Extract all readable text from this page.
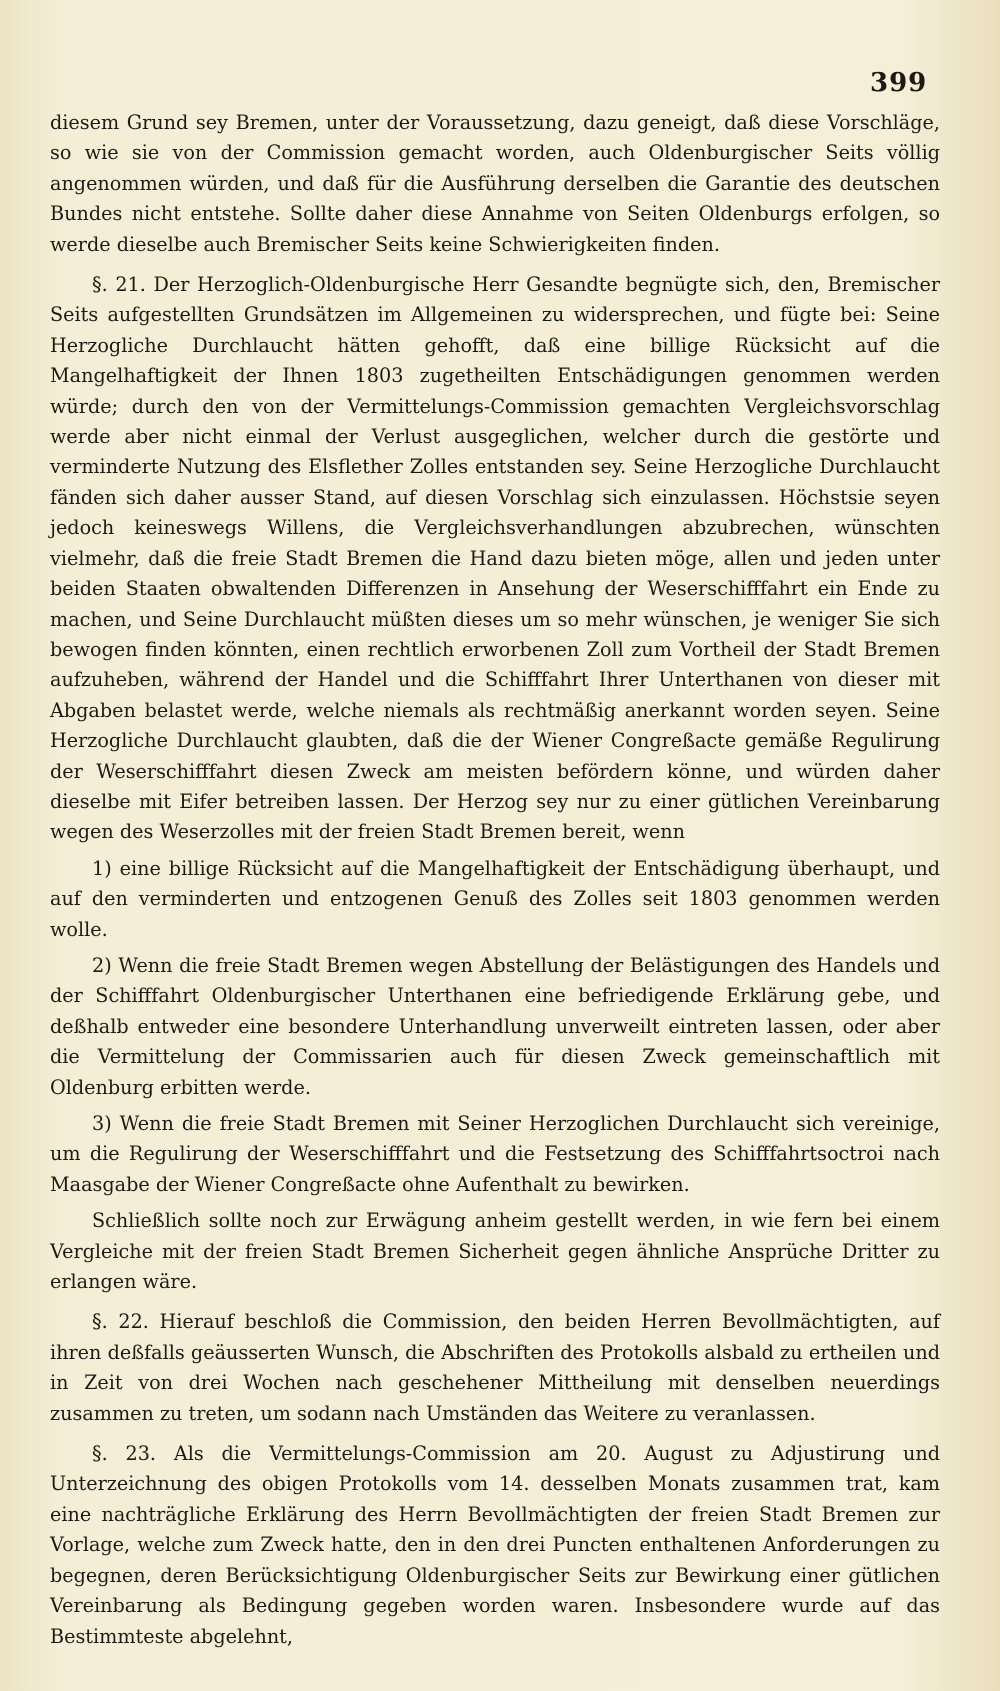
399

diesem Grund sey Bremen, unter der Voraussetzung, dazu geneigt, daß diese Vorschläge, so wie sie von der Commission gemacht worden, auch Oldenburgischer Seits völlig angenommen würden, und daß für die Ausführung derselben die Garantie des deutschen Bundes nicht entstehe. Sollte daher diese Annahme von Seiten Oldenburgs erfolgen, so werde dieselbe auch Bremischer Seits keine Schwierigkeiten finden.

§. 21. Der Herzoglich-Oldenburgische Herr Gesandte begnügte sich, den, Bremischer Seits aufgestellten Grundsätzen im Allgemeinen zu widersprechen, und fügte bei: Seine Herzogliche Durchlaucht hätten gehofft, daß eine billige Rücksicht auf die Mangelhaftigkeit der Ihnen 1803 zugetheilten Entschädigungen genommen werden würde; durch den von der Vermittelungs-Commission gemachten Vergleichsvorschlag werde aber nicht einmal der Verlust ausgeglichen, welcher durch die gestörte und verminderte Nutzung des Elsflether Zolles entstanden sey. Seine Herzogliche Durchlaucht fänden sich daher ausser Stand, auf diesen Vorschlag sich einzulassen. Höchstsie seyen jedoch keineswegs Willens, die Vergleichsverhandlungen abzubrechen, wünschten vielmehr, daß die freie Stadt Bremen die Hand dazu bieten möge, allen und jeden unter beiden Staaten obwaltenden Differenzen in Ansehung der Weserschifffahrt ein Ende zu machen, und Seine Durchlaucht müßten dieses um so mehr wünschen, je weniger Sie sich bewogen finden könnten, einen rechtlich erworbenen Zoll zum Vortheil der Stadt Bremen aufzuheben, während der Handel und die Schifffahrt Ihrer Unterthanen von dieser mit Abgaben belastet werde, welche niemals als rechtmäßig anerkannt worden seyen. Seine Herzogliche Durchlaucht glaubten, daß die der Wiener Congreßacte gemäße Regulirung der Weserschifffahrt diesen Zweck am meisten befördern könne, und würden daher dieselbe mit Eifer betreiben lassen. Der Herzog sey nur zu einer gütlichen Vereinbarung wegen des Weserzolles mit der freien Stadt Bremen bereit, wenn

1) eine billige Rücksicht auf die Mangelhaftigkeit der Entschädigung überhaupt, und auf den verminderten und entzogenen Genuß des Zolles seit 1803 genommen werden wolle.

2) Wenn die freie Stadt Bremen wegen Abstellung der Belästigungen des Handels und der Schifffahrt Oldenburgischer Unterthanen eine befriedigende Erklärung gebe, und deßhalb entweder eine besondere Unterhandlung unverweilt eintreten lassen, oder aber die Vermittelung der Commissarien auch für diesen Zweck gemeinschaftlich mit Oldenburg erbitten werde.

3) Wenn die freie Stadt Bremen mit Seiner Herzoglichen Durchlaucht sich vereinige, um die Regulirung der Weserschifffahrt und die Festsetzung des Schifffahrtsoctroi nach Maasgabe der Wiener Congreßacte ohne Aufenthalt zu bewirken.

Schließlich sollte noch zur Erwägung anheim gestellt werden, in wie fern bei einem Vergleiche mit der freien Stadt Bremen Sicherheit gegen ähnliche Ansprüche Dritter zu erlangen wäre.

§. 22. Hierauf beschloß die Commission, den beiden Herren Bevollmächtigten, auf ihren deßfalls geäusserten Wunsch, die Abschriften des Protokolls alsbald zu ertheilen und in Zeit von drei Wochen nach geschehener Mittheilung mit denselben neuerdings zusammen zu treten, um sodann nach Umständen das Weitere zu veranlassen.

§. 23. Als die Vermittelungs-Commission am 20. August zu Adjustirung und Unterzeichnung des obigen Protokolls vom 14. desselben Monats zusammen trat, kam eine nachträgliche Erklärung des Herrn Bevollmächtigten der freien Stadt Bremen zur Vorlage, welche zum Zweck hatte, den in den drei Puncten enthaltenen Anforderungen zu begegnen, deren Berücksichtigung Oldenburgischer Seits zur Bewirkung einer gütlichen Vereinbarung als Bedingung gegeben worden waren. Insbesondere wurde auf das Bestimmteste abgelehnt,
